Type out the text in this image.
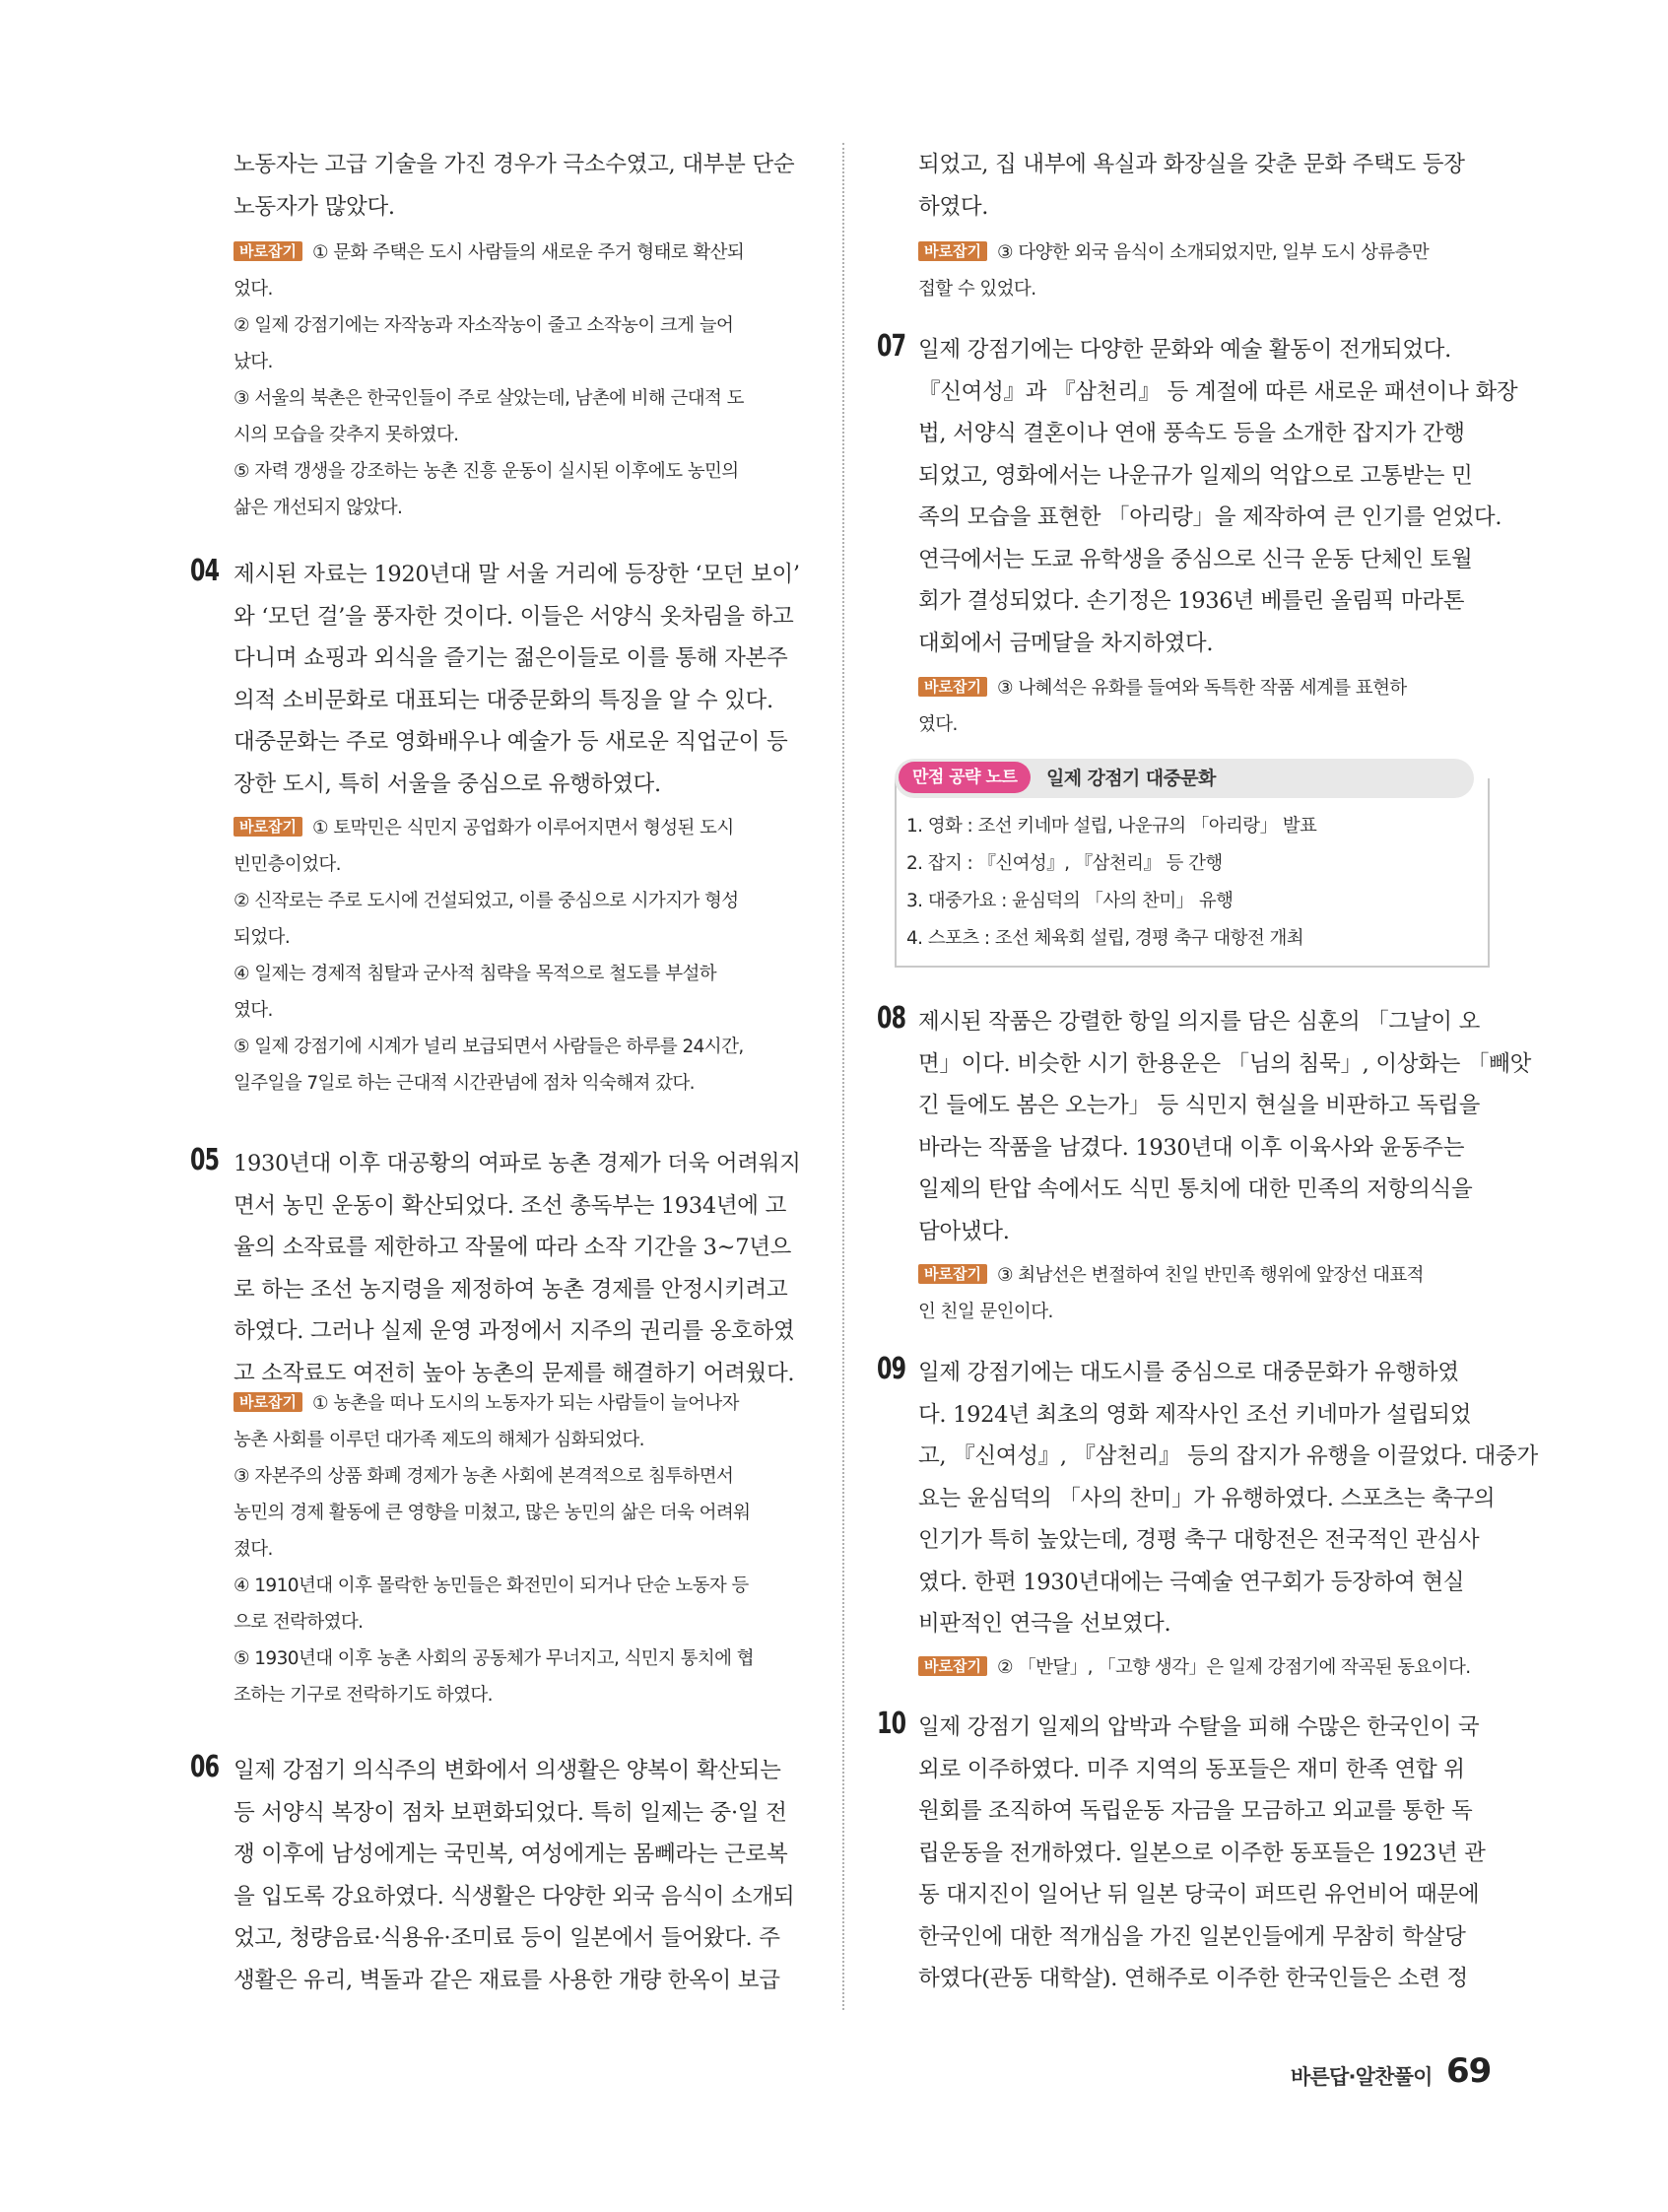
노동자는 고급 기술을 가진 경우가 극소수였고, 대부분 단순
노동자가 많았다.
바로잡기 ① 문화 주택은 도시 사람들의 새로운 주거 형태로 확산되
었다.
② 일제 강점기에는 자작농과 자소작농이 줄고 소작농이 크게 늘어
났다.
③ 서울의 북촌은 한국인들이 주로 살았는데, 남촌에 비해 근대적 도
시의 모습을 갖추지 못하였다.
⑤ 자력 갱생을 강조하는 농촌 진흥 운동이 실시된 이후에도 농민의
삶은 개선되지 않았다.
04 제시된 자료는 1920년대 말 서울 거리에 등장한 ‘모던 보이’
와 ‘모던 걸’을 풍자한 것이다. 이들은 서양식 옷차림을 하고
다니며 쇼핑과 외식을 즐기는 젊은이들로 이를 통해 자본주
의적 소비문화로 대표되는 대중문화의 특징을 알 수 있다.
대중문화는 주로 영화배우나 예술가 등 새로운 직업군이 등
장한 도시, 특히 서울을 중심으로 유행하였다.
바로잡기 ① 토막민은 식민지 공업화가 이루어지면서 형성된 도시
빈민층이었다.
② 신작로는 주로 도시에 건설되었고, 이를 중심으로 시가지가 형성
되었다.
④ 일제는 경제적 침탈과 군사적 침략을 목적으로 철도를 부설하
였다.
⑤ 일제 강점기에 시계가 널리 보급되면서 사람들은 하루를 24시간,
일주일을 7일로 하는 근대적 시간관념에 점차 익숙해져 갔다.
05 1930년대 이후 대공황의 여파로 농촌 경제가 더욱 어려워지
면서 농민 운동이 확산되었다. 조선 총독부는 1934년에 고
율의 소작료를 제한하고 작물에 따라 소작 기간을 3~7년으
로 하는 조선 농지령을 제정하여 농촌 경제를 안정시키려고
하였다. 그러나 실제 운영 과정에서 지주의 권리를 옹호하였
고 소작료도 여전히 높아 농촌의 문제를 해결하기 어려웠다.
바로잡기 ① 농촌을 떠나 도시의 노동자가 되는 사람들이 늘어나자
농촌 사회를 이루던 대가족 제도의 해체가 심화되었다.
③ 자본주의 상품 화폐 경제가 농촌 사회에 본격적으로 침투하면서
농민의 경제 활동에 큰 영향을 미쳤고, 많은 농민의 삶은 더욱 어려워
졌다.
④ 1910년대 이후 몰락한 농민들은 화전민이 되거나 단순 노동자 등
으로 전락하였다.
⑤ 1930년대 이후 농촌 사회의 공동체가 무너지고, 식민지 통치에 협
조하는 기구로 전락하기도 하였다.
06 일제 강점기 의식주의 변화에서 의생활은 양복이 확산되는
등 서양식 복장이 점차 보편화되었다. 특히 일제는 중·일 전
쟁 이후에 남성에게는 국민복, 여성에게는 몸뻬라는 근로복
을 입도록 강요하였다. 식생활은 다양한 외국 음식이 소개되
었고, 청량음료·식용유·조미료 등이 일본에서 들어왔다. 주
생활은 유리, 벽돌과 같은 재료를 사용한 개량 한옥이 보급
되었고, 집 내부에 욕실과 화장실을 갖춘 문화 주택도 등장
하였다.
바로잡기 ③ 다양한 외국 음식이 소개되었지만, 일부 도시 상류층만
접할 수 있었다.
07 일제 강점기에는 다양한 문화와 예술 활동이 전개되었다.
『신여성』과 『삼천리』 등 계절에 따른 새로운 패션이나 화장
법, 서양식 결혼이나 연애 풍속도 등을 소개한 잡지가 간행
되었고, 영화에서는 나운규가 일제의 억압으로 고통받는 민
족의 모습을 표현한 「아리랑」을 제작하여 큰 인기를 얻었다.
연극에서는 도쿄 유학생을 중심으로 신극 운동 단체인 토월
회가 결성되었다. 손기정은 1936년 베를린 올림픽 마라톤
대회에서 금메달을 차지하였다.
바로잡기 ③ 나혜석은 유화를 들여와 독특한 작품 세계를 표현하
였다.
만점 공략 노트	일제 강점기 대중문화
1. 영화 : 조선 키네마 설립, 나운규의 「아리랑」 발표
2. 잡지 : 『신여성』, 『삼천리』 등 간행
3. 대중가요 : 윤심덕의 「사의 찬미」 유행
4. 스포츠 : 조선 체육회 설립, 경평 축구 대항전 개최
08 제시된 작품은 강렬한 항일 의지를 담은 심훈의 「그날이 오
면」이다. 비슷한 시기 한용운은 「님의 침묵」, 이상화는 「빼앗
긴 들에도 봄은 오는가」 등 식민지 현실을 비판하고 독립을
바라는 작품을 남겼다. 1930년대 이후 이육사와 윤동주는
일제의 탄압 속에서도 식민 통치에 대한 민족의 저항의식을
담아냈다.
바로잡기 ③ 최남선은 변절하여 친일 반민족 행위에 앞장선 대표적
인 친일 문인이다.
09 일제 강점기에는 대도시를 중심으로 대중문화가 유행하였
다. 1924년 최초의 영화 제작사인 조선 키네마가 설립되었
고, 『신여성』, 『삼천리』 등의 잡지가 유행을 이끌었다. 대중가
요는 윤심덕의 「사의 찬미」가 유행하였다. 스포츠는 축구의
인기가 특히 높았는데, 경평 축구 대항전은 전국적인 관심사
였다. 한편 1930년대에는 극예술 연구회가 등장하여 현실
비판적인 연극을 선보였다.
바로잡기 ② 「반달」, 「고향 생각」은 일제 강점기에 작곡된 동요이다.
10 일제 강점기 일제의 압박과 수탈을 피해 수많은 한국인이 국
외로 이주하였다. 미주 지역의 동포들은 재미 한족 연합 위
원회를 조직하여 독립운동 자금을 모금하고 외교를 통한 독
립운동을 전개하였다. 일본으로 이주한 동포들은 1923년 관
동 대지진이 일어난 뒤 일본 당국이 퍼뜨린 유언비어 때문에
한국인에 대한 적개심을 가진 일본인들에게 무참히 학살당
하였다(관동 대학살). 연해주로 이주한 한국인들은 소련 정
바른답·알찬풀이 69
